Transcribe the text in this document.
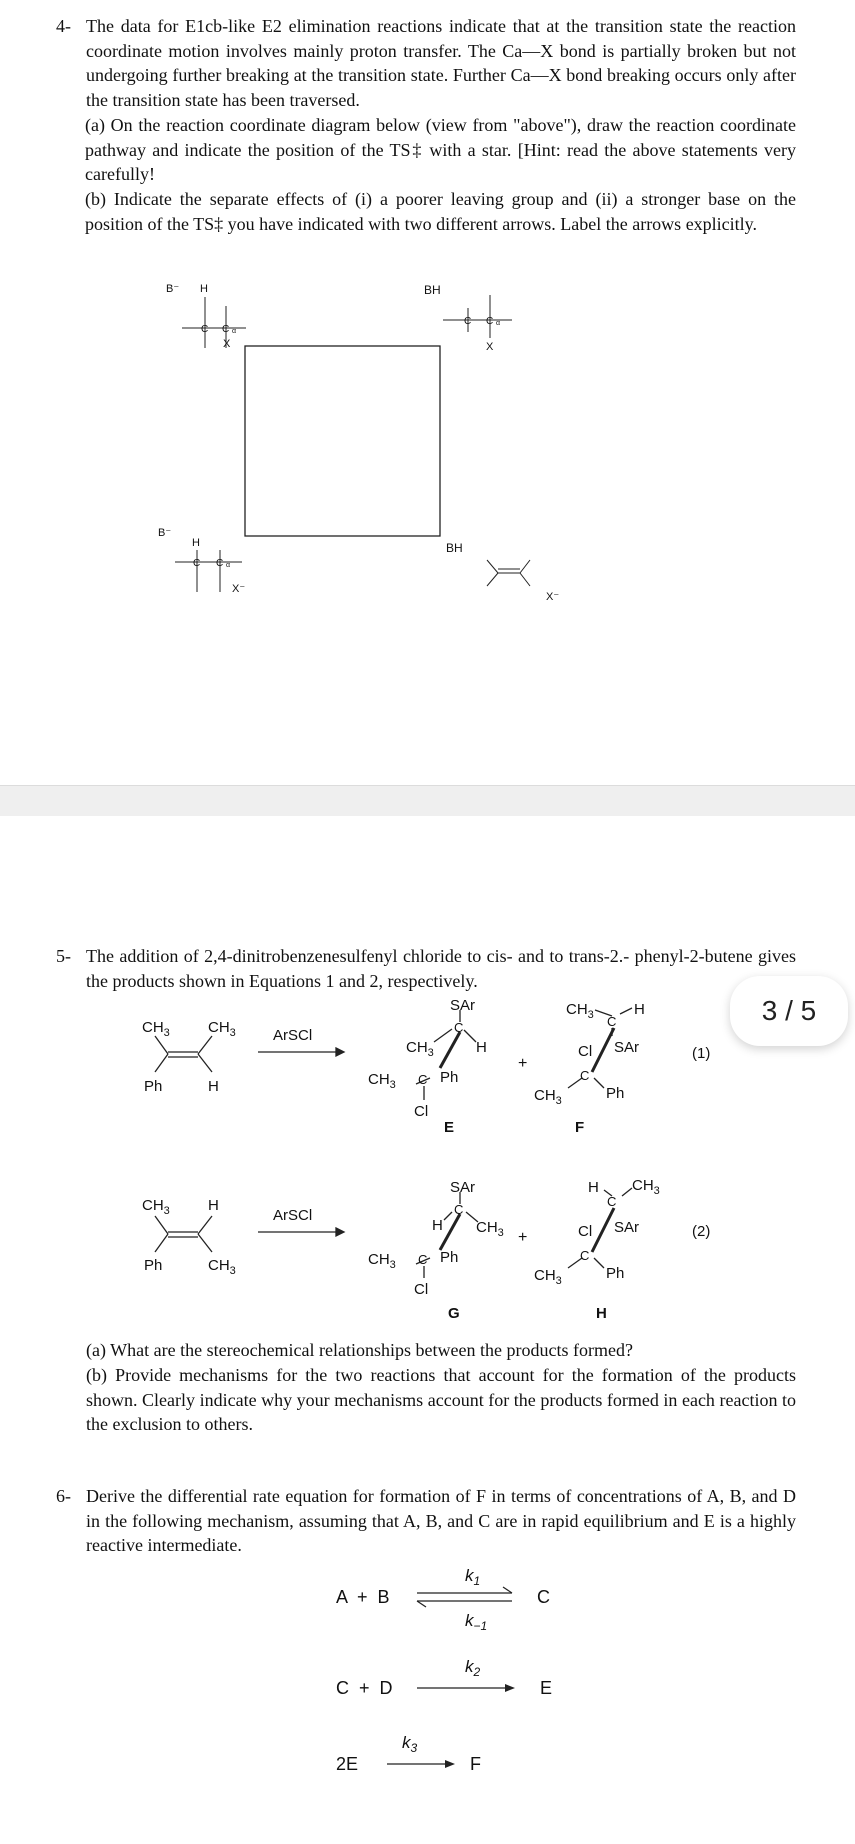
4- The data for E1cb-like E2 elimination reactions indicate that at the transition state the reaction coordinate motion involves mainly proton transfer. The Ca—X bond is partially broken but not undergoing further breaking at the transition state. Further Ca—X bond breaking occurs only after the transition state has been traversed.
(a) On the reaction coordinate diagram below (view from "above"), draw the reaction coordinate pathway and indicate the position of the TS‡ with a star. [Hint: read the above statements very carefully!
(b) Indicate the separate effects of (i) a poorer leaving group and (ii) a stronger base on the position of the TS‡ you have indicated with two different arrows. Label the arrows explicitly.
B⁻ H
C C α
X
BH
C C α
X
B⁻
H
C C α
X⁻
BH
X⁻
5- The addition of 2,4-dinitrobenzenesulfenyl chloride to cis- and to trans-2.- phenyl-2-butene gives the products shown in Equations 1 and 2, respectively.
3 / 5
$CH_3$	$CH_3$
Ph	H
ArSCl
SAr
C
$CH_3$	H
$CH_3$ C Ph
Cl
E
+
$CH_3$	H
C
SAr
Cl
C
$CH_3$	Ph
F
(1)
$CH_3$	H
Ph	$CH_3$
ArSCl
SAr
C
H $CH_3$ +
$CH_3$ C Ph
Cl
G
H $CH_3$
C
SAr
Cl
C
$CH_3$	Ph
H
(2)
(a) What are the stereochemical relationships between the products formed?
(b) Provide mechanisms for the two reactions that account for the formation of the products shown. Clearly indicate why your mechanisms account for the products formed in each reaction to the exclusion to others.
6- Derive the differential rate equation for formation of F in terms of concentrations of A, B, and D in the following mechanism, assuming that A, B, and C are in rapid equilibrium and E is a highly reactive intermediate.
A  +  B
$k_1$
$k_{-1}$
C
C  +  D
$k_2$
E
2E
$k_3$
F
